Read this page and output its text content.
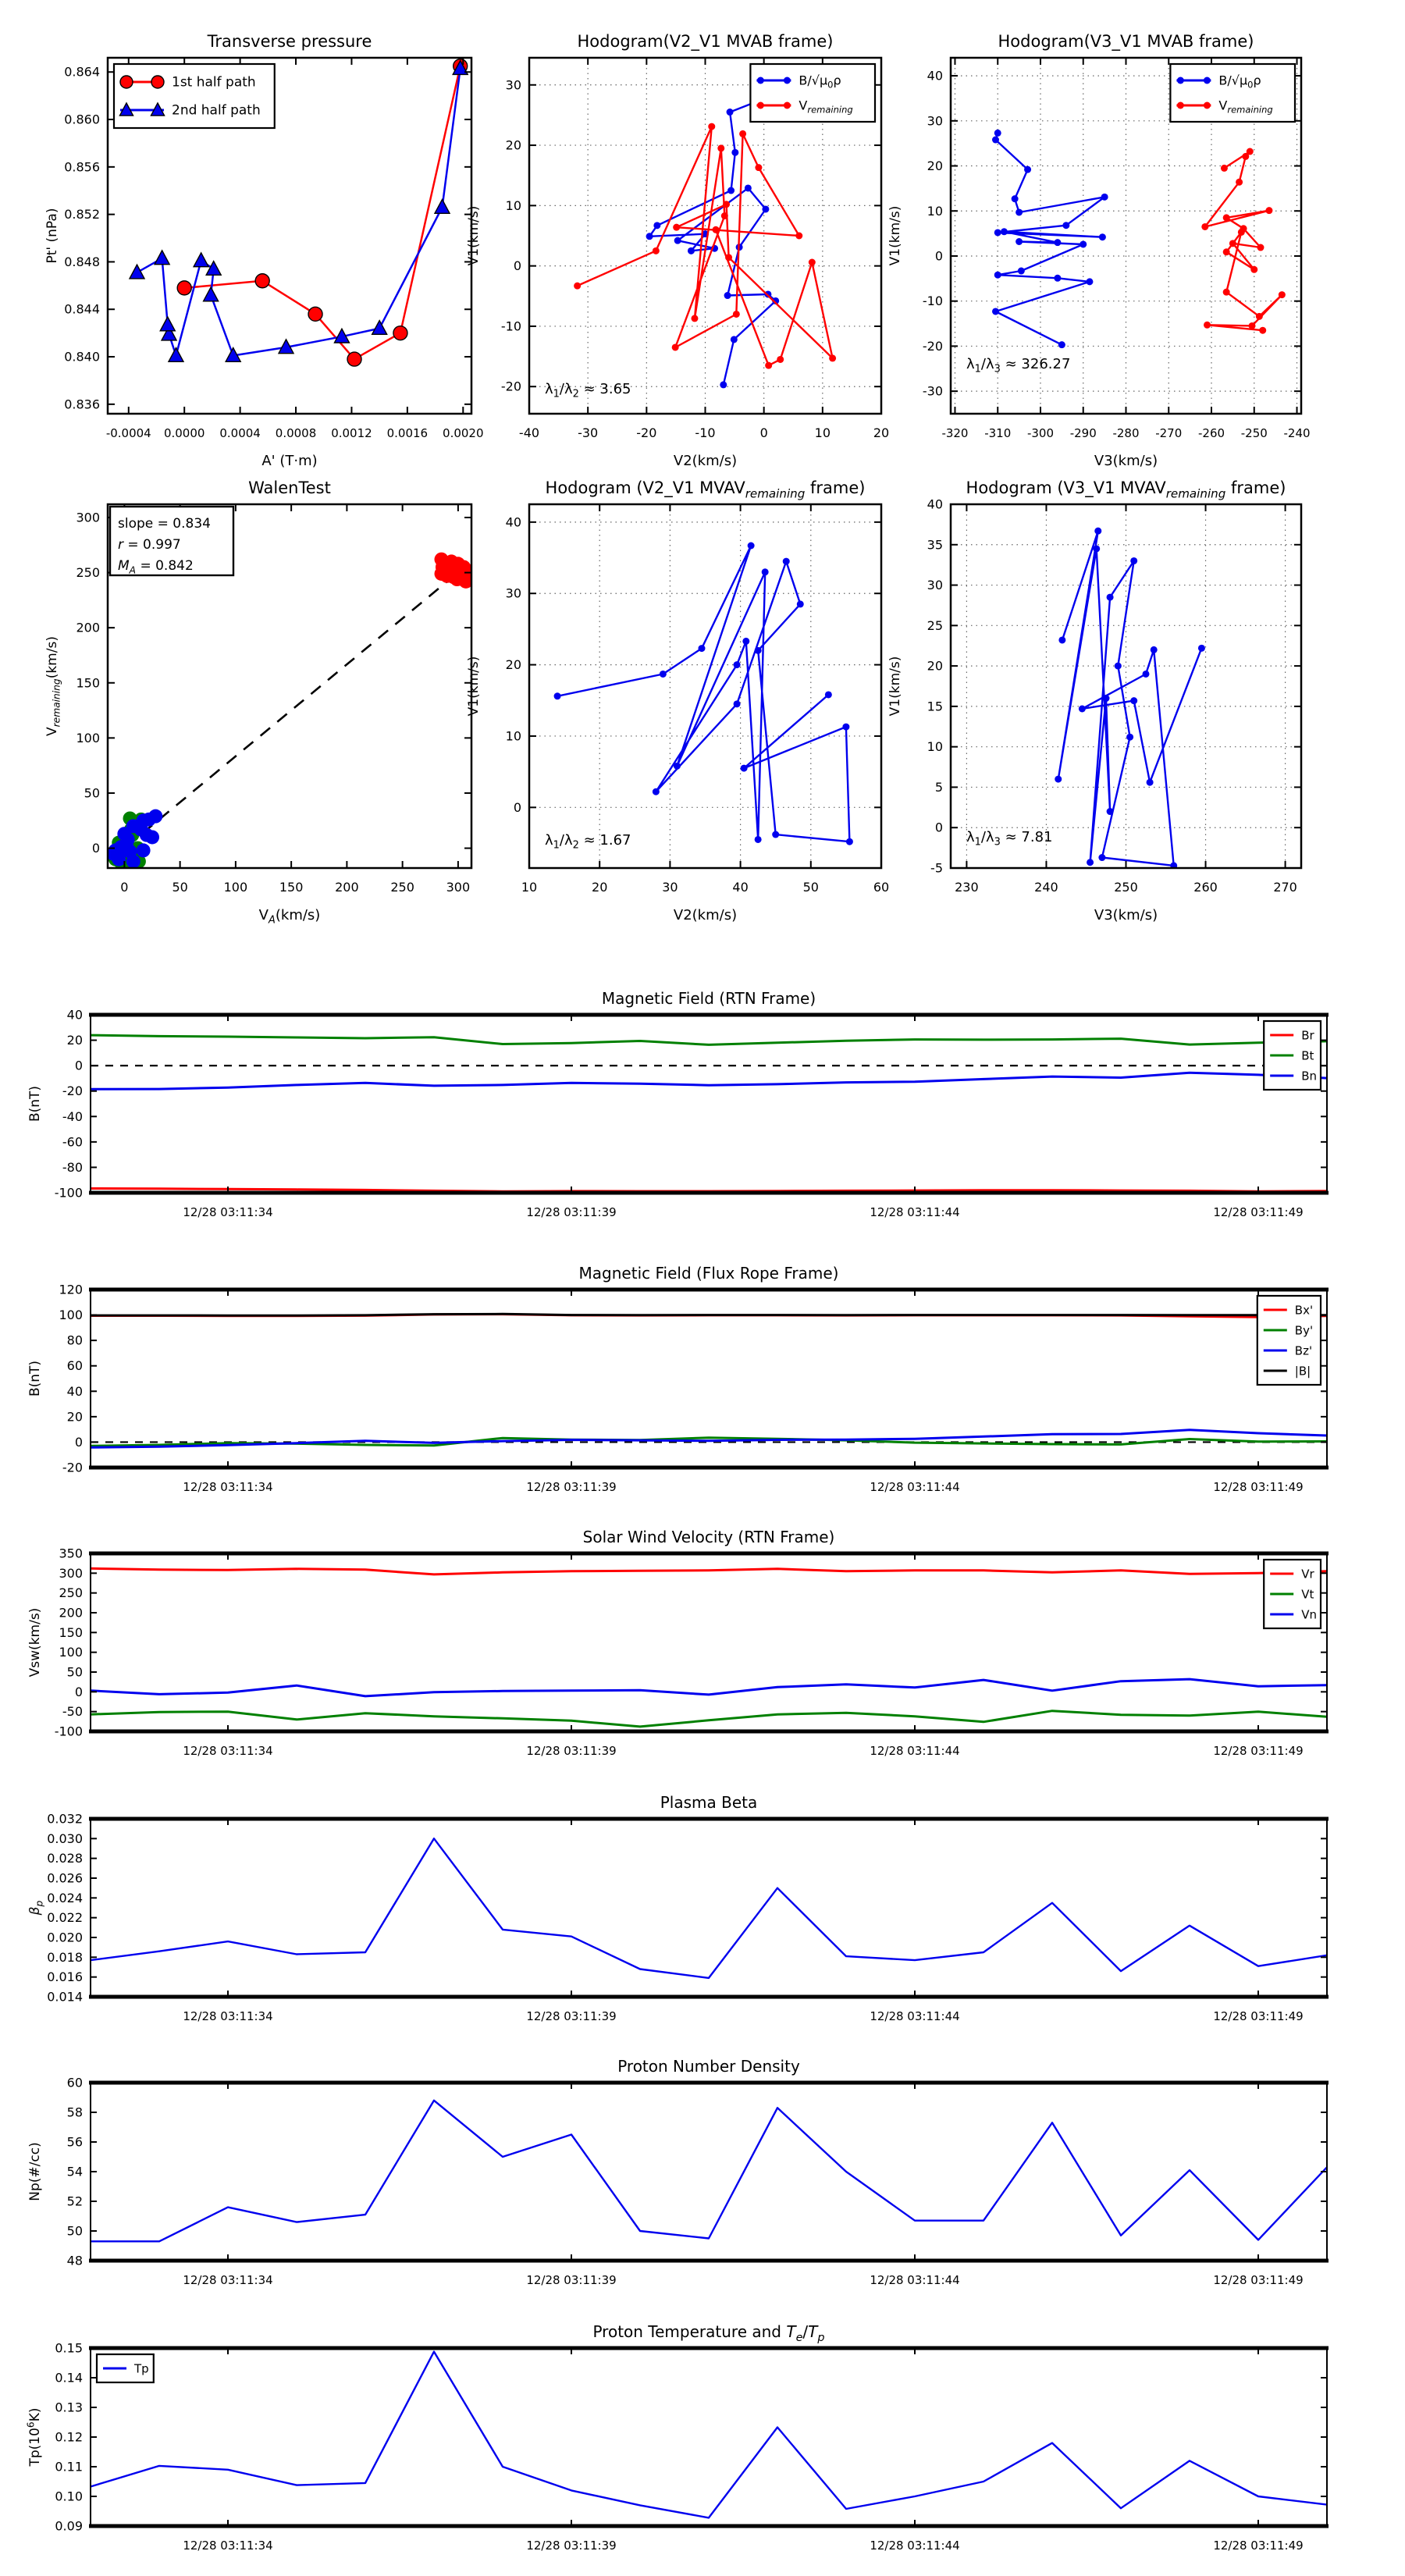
-0.0004 0.0000 0.0004 0.0008 0.0012 0.0016 0.0020
0.836
0.840
0.844
0.848
0.852
0.856
0.860
0.864
Transverse pressure
A' (T·m)
Pt' (nPa)
1st half path
2nd half path
-40	-30	-20	-10	0	10	20
-20
-10
0
10
20
30
Hodogram(V2_V1 MVAB frame)
V2(km/s)
V1(km/s)
$\lambda_1/\lambda_2 \approx 3.65$
$B/√\mu_0\rho$
$V_{remaining}$
-320 -310 -300 -290 -280 -270 -260 -250 -240
-30
-20
-10
0
10
20
30
40
Hodogram(V3_V1 MVAB frame)
V3(km/s)
V1(km/s)
$\lambda_1/\lambda_3 \approx 326.27$
$B/√\mu_0\rho$
$V_{remaining}$
0	50	100	150	200	250	300
0
50
100
150
200
250
300
WalenTest
$V_A(km/s)$
$V_{remaining}(km/s)$
slope = 0.834
r = 0.997
$M_A = 0.842$
10	20	30	40	50	60
0
10
20
30
40
Hodogram (V2_V1 $MVAV_{remaining}$ frame)
V2(km/s)
V1(km/s)
$\lambda_1/\lambda_2 \approx 1.67$
230	240	250	260	270
-5
0
5
10
15
20
25
30
35
40
Hodogram (V3_V1 $MVAV_{remaining}$ frame)
V3(km/s)
V1(km/s)
$\lambda_1/\lambda_3 \approx 7.81$
12/28 03:11:34	12/28 03:11:39	12/28 03:11:44	12/28 03:11:49
-100
-80
-60
-40
-20
0
20
40
Magnetic Field (RTN Frame)
B(nT)
Br
Bt
Bn
12/28 03:11:34	12/28 03:11:39	12/28 03:11:44	12/28 03:11:49
-20
0
20
40
60
80
100
120
Magnetic Field (Flux Rope Frame)
B(nT)
Bx'
By'
Bz'
|B|
12/28 03:11:34	12/28 03:11:39	12/28 03:11:44	12/28 03:11:49
-100
-50
0
50
100
150
200
250
300
350
Solar Wind Velocity (RTN Frame)
Vsw(km/s)
Vr
Vt
Vn
12/28 03:11:34	12/28 03:11:39	12/28 03:11:44	12/28 03:11:49
0.014
0.016
0.018
0.020
0.022
0.024
0.026
0.028
0.030
0.032
Plasma Beta
$\beta_p$
12/28 03:11:34	12/28 03:11:39	12/28 03:11:44	12/28 03:11:49
48
50
52
54
56
58
60
Proton Number Density
Np(#/cc)
12/28 03:11:34	12/28 03:11:39	12/28 03:11:44	12/28 03:11:49
0.09
0.10
0.11
0.12
0.13
0.14
0.15
Proton Temperature and $T_e/T_p$
$Tp(10^6K)$
Tp
